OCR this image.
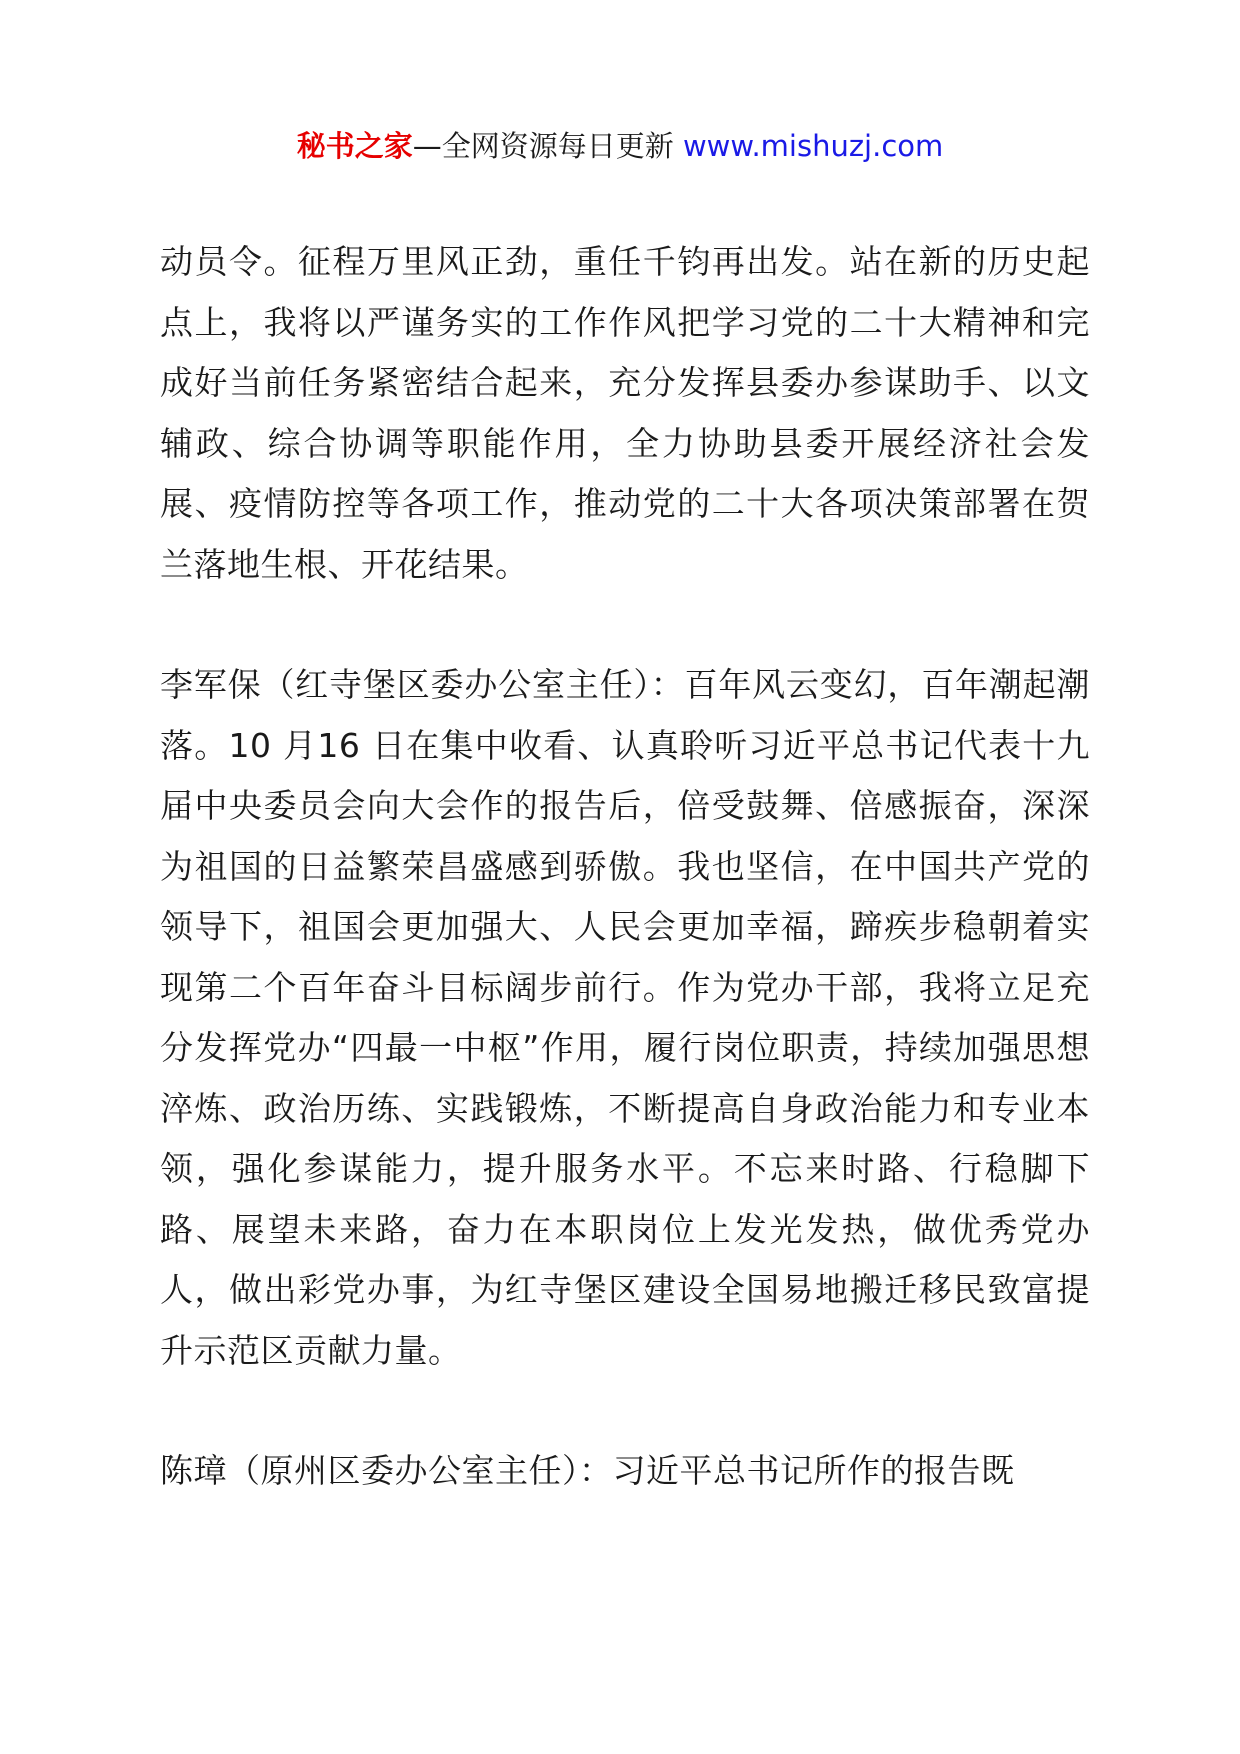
秘书之家—全网资源每日更新 www.mishuzj.com

动员令。征程万里风正劲，重任千钧再出发。站在新的历史起点上，我将以严谨务实的工作作风把学习党的二十大精神和完成好当前任务紧密结合起来，充分发挥县委办参谋助手、以文辅政、综合协调等职能作用，全力协助县委开展经济社会发展、疫情防控等各项工作，推动党的二十大各项决策部署在贺兰落地生根、开花结果。

李军保（红寺堡区委办公室主任）：百年风云变幻，百年潮起潮落。10 月16 日在集中收看、认真聆听习近平总书记代表十九届中央委员会向大会作的报告后，倍受鼓舞、倍感振奋，深深为祖国的日益繁荣昌盛感到骄傲。我也坚信，在中国共产党的领导下，祖国会更加强大、人民会更加幸福，蹄疾步稳朝着实现第二个百年奋斗目标阔步前行。作为党办干部，我将立足充分发挥党办“四最一中枢”作用，履行岗位职责，持续加强思想淬炼、政治历练、实践锻炼，不断提高自身政治能力和专业本领，强化参谋能力，提升服务水平。不忘来时路、行稳脚下路、展望未来路，奋力在本职岗位上发光发热，做优秀党办人，做出彩党办事，为红寺堡区建设全国易地搬迁移民致富提升示范区贡献力量。

陈璋（原州区委办公室主任）：习近平总书记所作的报告既
